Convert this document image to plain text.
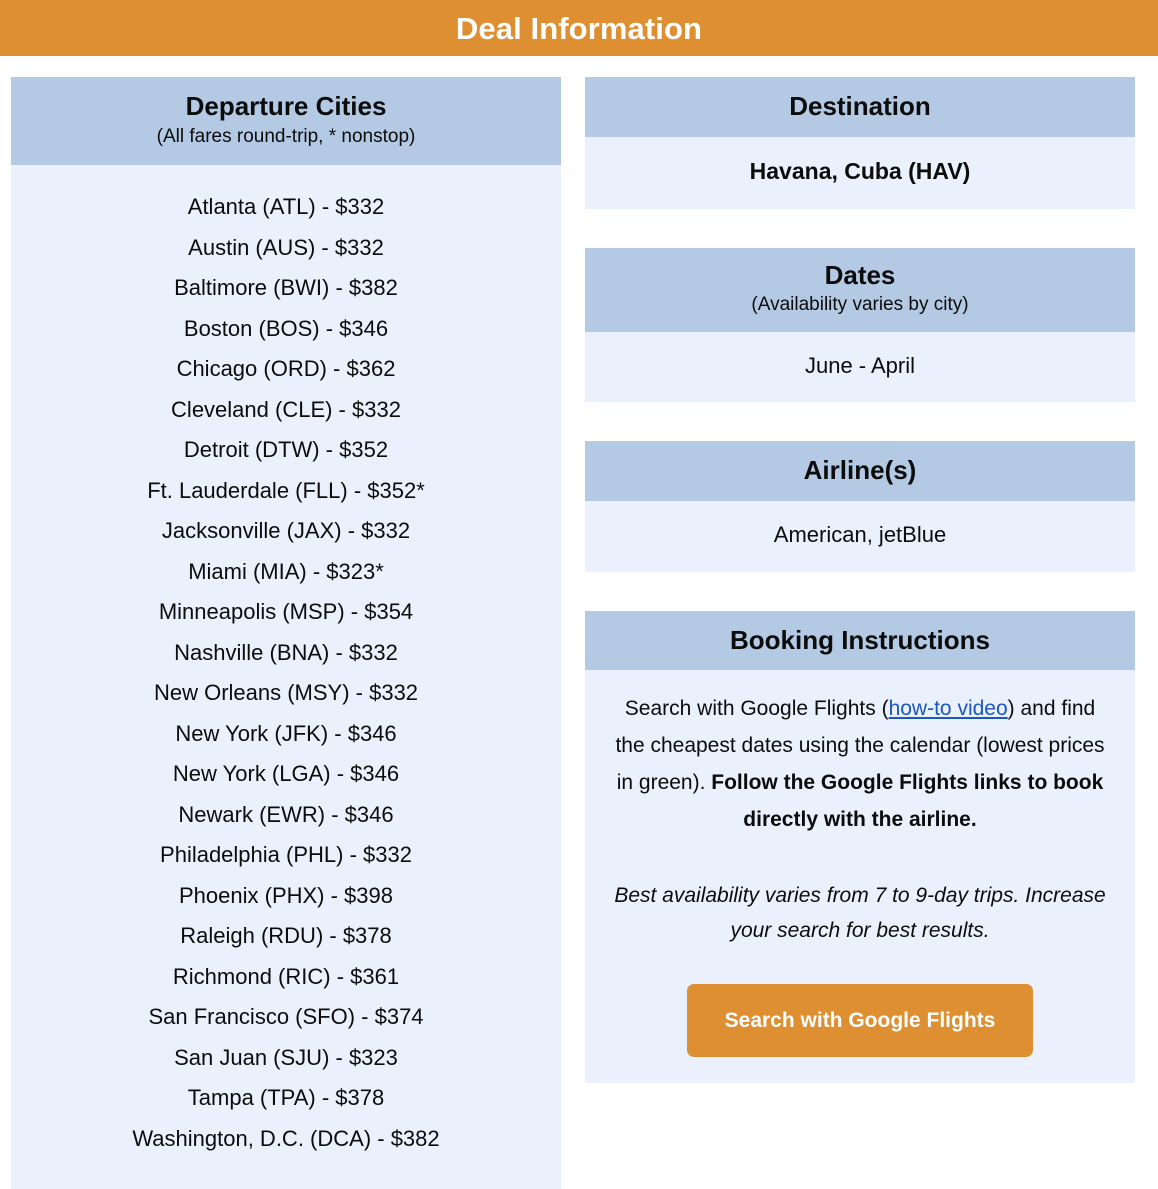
Deal Information
Departure Cities
(All fares round-trip, * nonstop)
Atlanta (ATL) - $332
Austin (AUS) - $332
Baltimore (BWI) - $382
Boston (BOS) - $346
Chicago (ORD) - $362
Cleveland (CLE) - $332
Detroit (DTW) - $352
Ft. Lauderdale (FLL) - $352*
Jacksonville (JAX) - $332
Miami (MIA) - $323*
Minneapolis (MSP) - $354
Nashville (BNA) - $332
New Orleans (MSY) - $332
New York (JFK) - $346
New York (LGA) - $346
Newark (EWR) - $346
Philadelphia (PHL) - $332
Phoenix (PHX) - $398
Raleigh (RDU) - $378
Richmond (RIC) - $361
San Francisco (SFO) - $374
San Juan (SJU) - $323
Tampa (TPA) - $378
Washington, D.C. (DCA) - $382
Destination
Havana, Cuba (HAV)
Dates
(Availability varies by city)
June - April
Airline(s)
American, jetBlue
Booking Instructions

Search with Google Flights (how-to video) and find the cheapest dates using the calendar (lowest prices in green). Follow the Google Flights links to book directly with the airline.

Best availability varies from 7 to 9-day trips. Increase your search for best results.

Search with Google Flights
